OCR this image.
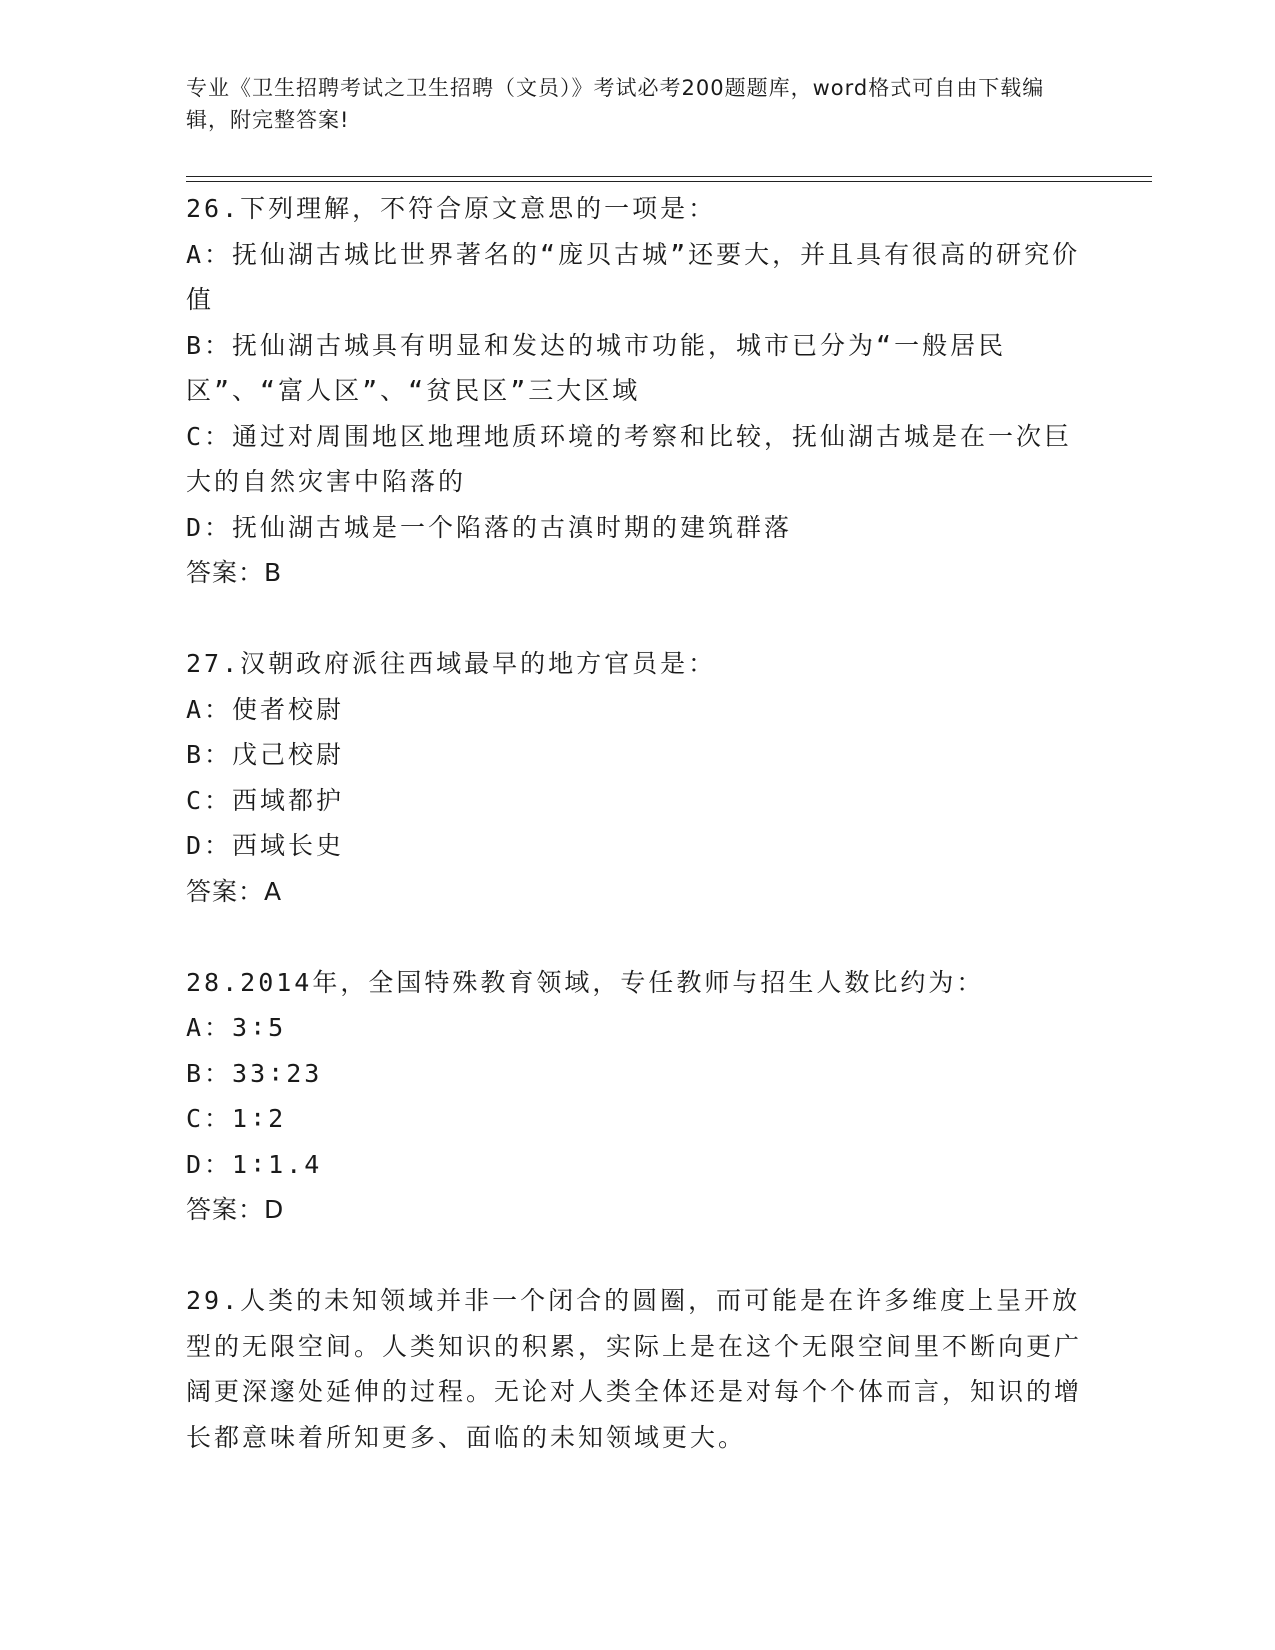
专业《卫生招聘考试之卫生招聘（文员）》考试必考200题题库，word格式可自由下载编辑，附完整答案!
26.下列理解，不符合原文意思的一项是：
A：抚仙湖古城比世界著名的“庞贝古城”还要大，并且具有很高的研究价值
B：抚仙湖古城具有明显和发达的城市功能，城市已分为“一般居民区”、“富人区”、“贫民区”三大区域
C：通过对周围地区地理地质环境的考察和比较，抚仙湖古城是在一次巨大的自然灾害中陷落的
D：抚仙湖古城是一个陷落的古滇时期的建筑群落
答案：B
27.汉朝政府派往西域最早的地方官员是：
A：使者校尉
B：戊己校尉
C：西域都护
D：西域长史
答案：A
28.2014年，全国特殊教育领域，专任教师与招生人数比约为：
A：3∶5
B：33∶23
C：1∶2
D：1∶1.4
答案：D
29.人类的未知领域并非一个闭合的圆圈，而可能是在许多维度上呈开放型的无限空间。人类知识的积累，实际上是在这个无限空间里不断向更广阔更深邃处延伸的过程。无论对人类全体还是对每个个体而言，知识的增长都意味着所知更多、面临的未知领域更大。
